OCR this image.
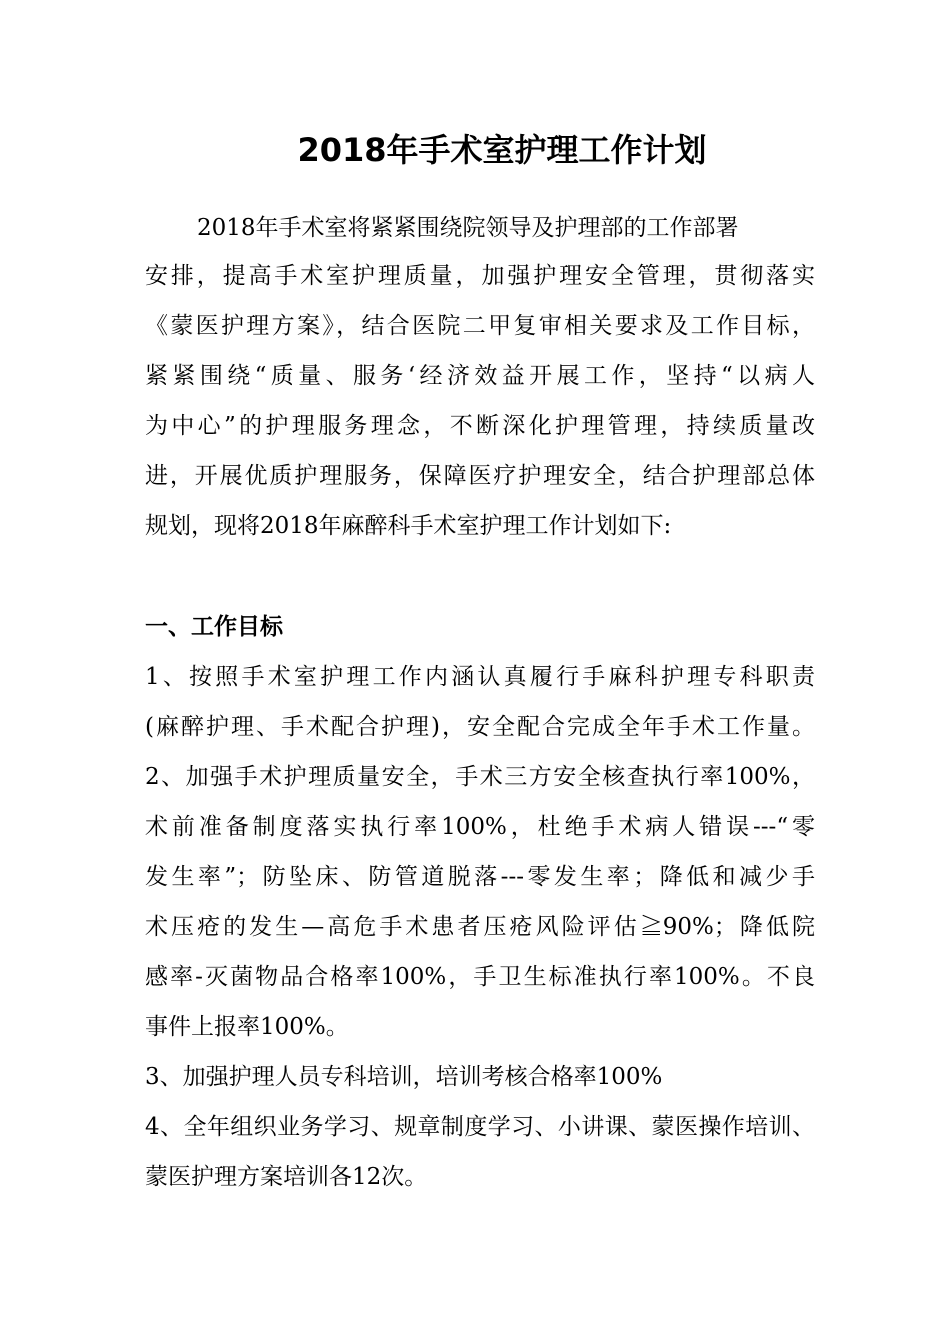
2018年手术室护理工作计划
2018年手术室将紧紧围绕院领导及护理部的工作部署
安排，提高手术室护理质量，加强护理安全管理，贯彻落实
《蒙医护理方案》，结合医院二甲复审相关要求及工作目标，
紧紧围绕“质量、服务‘经济效益开展工作，坚持“以病人
为中心”的护理服务理念，不断深化护理管理，持续质量改
进，开展优质护理服务，保障医疗护理安全，结合护理部总体
规划，现将2018年麻醉科手术室护理工作计划如下:
一、工作目标
1、按照手术室护理工作内涵认真履行手麻科护理专科职责
(麻醉护理、手术配合护理)，安全配合完成全年手术工作量。
2、加强手术护理质量安全，手术三方安全核查执行率100%，
术前准备制度落实执行率100%，杜绝手术病人错误---“零
发生率”；防坠床、防管道脱落---零发生率；降低和减少手
术压疮的发生—高危手术患者压疮风险评估≧90%；降低院
感率-灭菌物品合格率100%，手卫生标准执行率100%。不良
事件上报率100%。
3、加强护理人员专科培训，培训考核合格率100%
4、全年组织业务学习、规章制度学习、小讲课、蒙医操作培训、
蒙医护理方案培训各12次。
